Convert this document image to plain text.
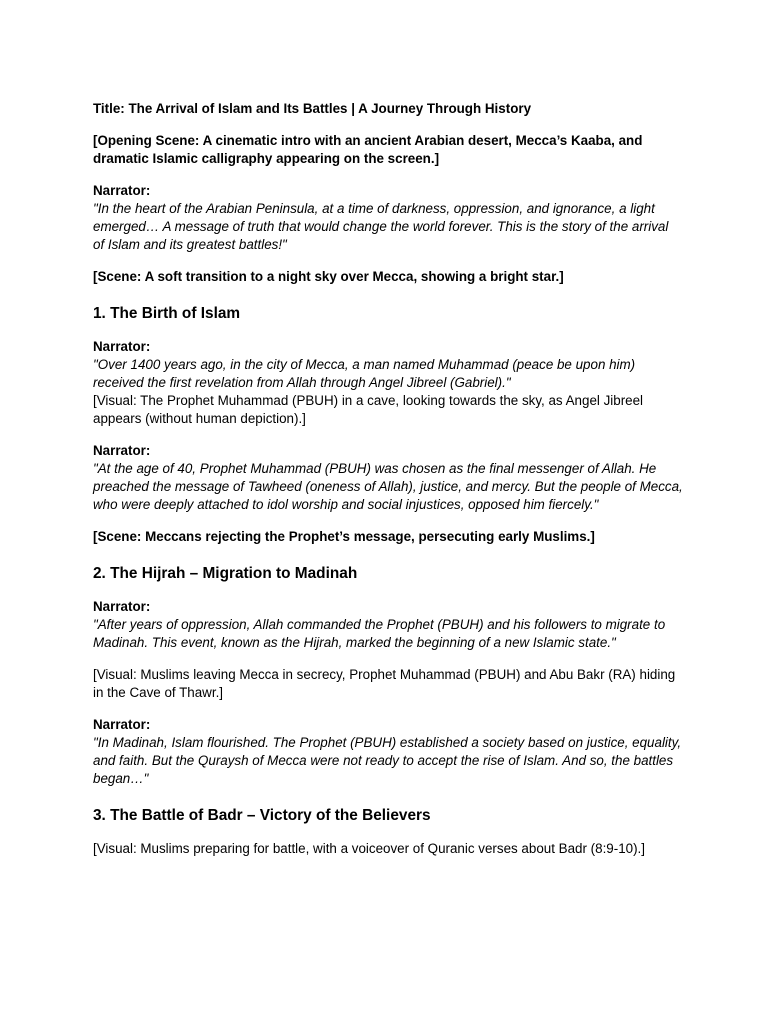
Title: The Arrival of Islam and Its Battles | A Journey Through History

[Opening Scene: A cinematic intro with an ancient Arabian desert, Mecca’s Kaaba, and dramatic Islamic calligraphy appearing on the screen.]

Narrator:

"In the heart of the Arabian Peninsula, at a time of darkness, oppression, and ignorance, a light emerged… A message of truth that would change the world forever. This is the story of the arrival of Islam and its greatest battles!"

[Scene: A soft transition to a night sky over Mecca, showing a bright star.]

1. The Birth of Islam

Narrator:

"Over 1400 years ago, in the city of Mecca, a man named Muhammad (peace be upon him) received the first revelation from Allah through Angel Jibreel (Gabriel)."

[Visual: The Prophet Muhammad (PBUH) in a cave, looking towards the sky, as Angel Jibreel appears (without human depiction).]

Narrator:

"At the age of 40, Prophet Muhammad (PBUH) was chosen as the final messenger of Allah. He preached the message of Tawheed (oneness of Allah), justice, and mercy. But the people of Mecca, who were deeply attached to idol worship and social injustices, opposed him fiercely."

[Scene: Meccans rejecting the Prophet’s message, persecuting early Muslims.]

2. The Hijrah – Migration to Madinah

Narrator:

"After years of oppression, Allah commanded the Prophet (PBUH) and his followers to migrate to Madinah. This event, known as the Hijrah, marked the beginning of a new Islamic state."

[Visual: Muslims leaving Mecca in secrecy, Prophet Muhammad (PBUH) and Abu Bakr (RA) hiding in the Cave of Thawr.]

Narrator:

"In Madinah, Islam flourished. The Prophet (PBUH) established a society based on justice, equality, and faith. But the Quraysh of Mecca were not ready to accept the rise of Islam. And so, the battles began…"

3. The Battle of Badr – Victory of the Believers

[Visual: Muslims preparing for battle, with a voiceover of Quranic verses about Badr (8:9-10).]
